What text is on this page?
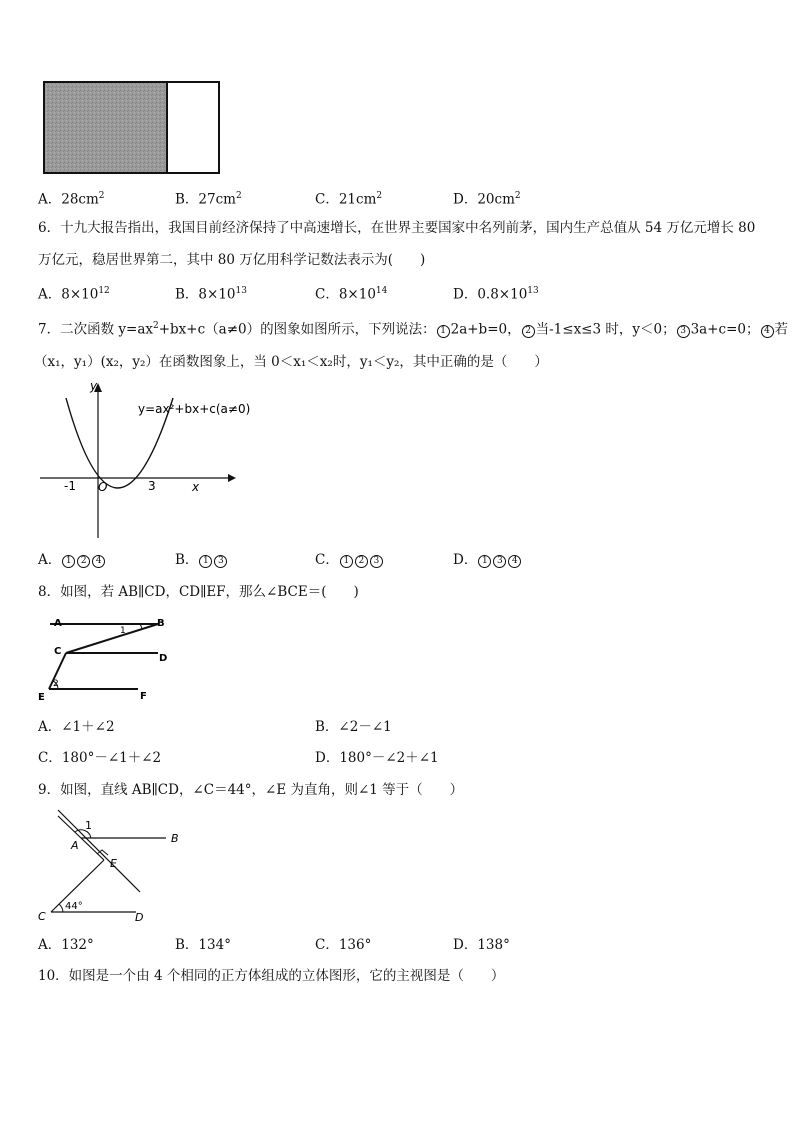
A．$28cm^2$	B．$27cm^2$	C．$21cm^2$	D．$20cm^2$
6．十九大报告指出，我国目前经济保持了中高速增长，在世界主要国家中名列前茅，国内生产总值从 54 万亿元增长 80
万亿元，稳居世界第二，其中 80 万亿用科学记数法表示为(　　)
A．$8\times 10^{12}$	B．$8\times 10^{13}$	C．$8\times 10^{14}$	D．$0.8\times 10^{13}$
7．二次函数 $y=ax^2+bx+c(a\ne 0)$的图象如图所示，下列说法： 1 2a+b=0， 2 当-1≤x≤3 时，y＜0； 3 3a+c=0； 4 若
（x₁，y₁）(x₂，y₂）在函数图象上，当 0＜x₁＜x₂时，y₁＜y₂，其中正确的是（　　）
y
x
O
-1	3
y=ax²+bx+c(a≠0)
A． 1 2 4	B． 1 3	C． 1 2 3	D． 1 3 4
8．如图，若 AB∥CD，CD∥EF，那么∠BCE＝(　　)
A	B
C
D
E	F
1
2
A．∠1＋∠2	B．∠2－∠1
C．180°－∠1＋∠2	D．180°－∠2＋∠1
9．如图，直线 AB∥CD，∠C＝44°，∠E 为直角，则∠1 等于（　　）
1
A
B
E
C	D
44°
A．132°	B．134°	C．136°	D．138°
10．如图是一个由 4 个相同的正方体组成的立体图形，它的主视图是（　　）
